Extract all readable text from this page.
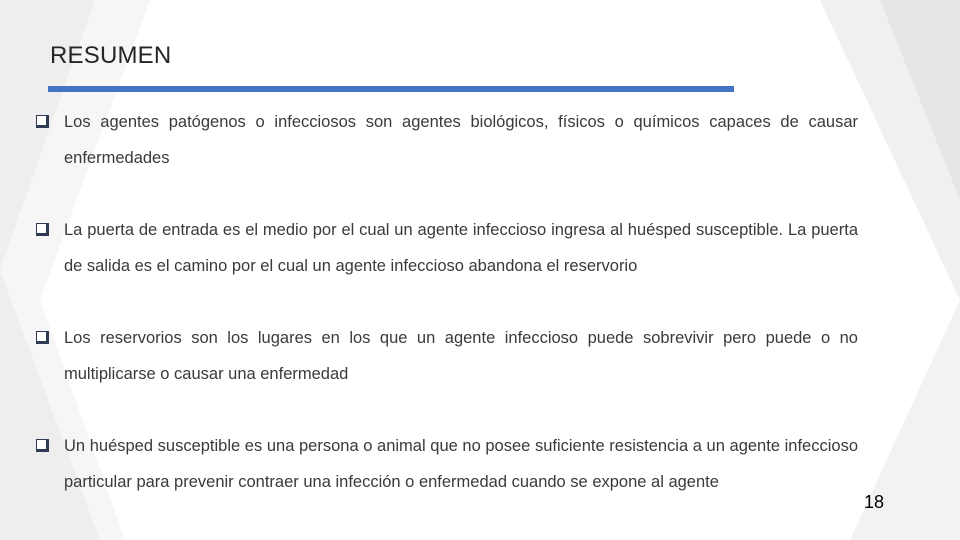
RESUMEN
Los agentes patógenos o infecciosos son agentes biológicos, físicos o químicos capaces de causar enfermedades
La puerta de entrada es el medio por el cual un agente infeccioso ingresa al huésped susceptible. La puerta de salida es el camino por el cual un agente infeccioso abandona el reservorio
Los reservorios son los lugares en los que un agente infeccioso puede sobrevivir pero puede o no multiplicarse o causar una enfermedad
Un huésped susceptible es una persona o animal que no posee suficiente resistencia a un agente infeccioso particular para prevenir contraer una infección o enfermedad cuando se expone al agente
18
